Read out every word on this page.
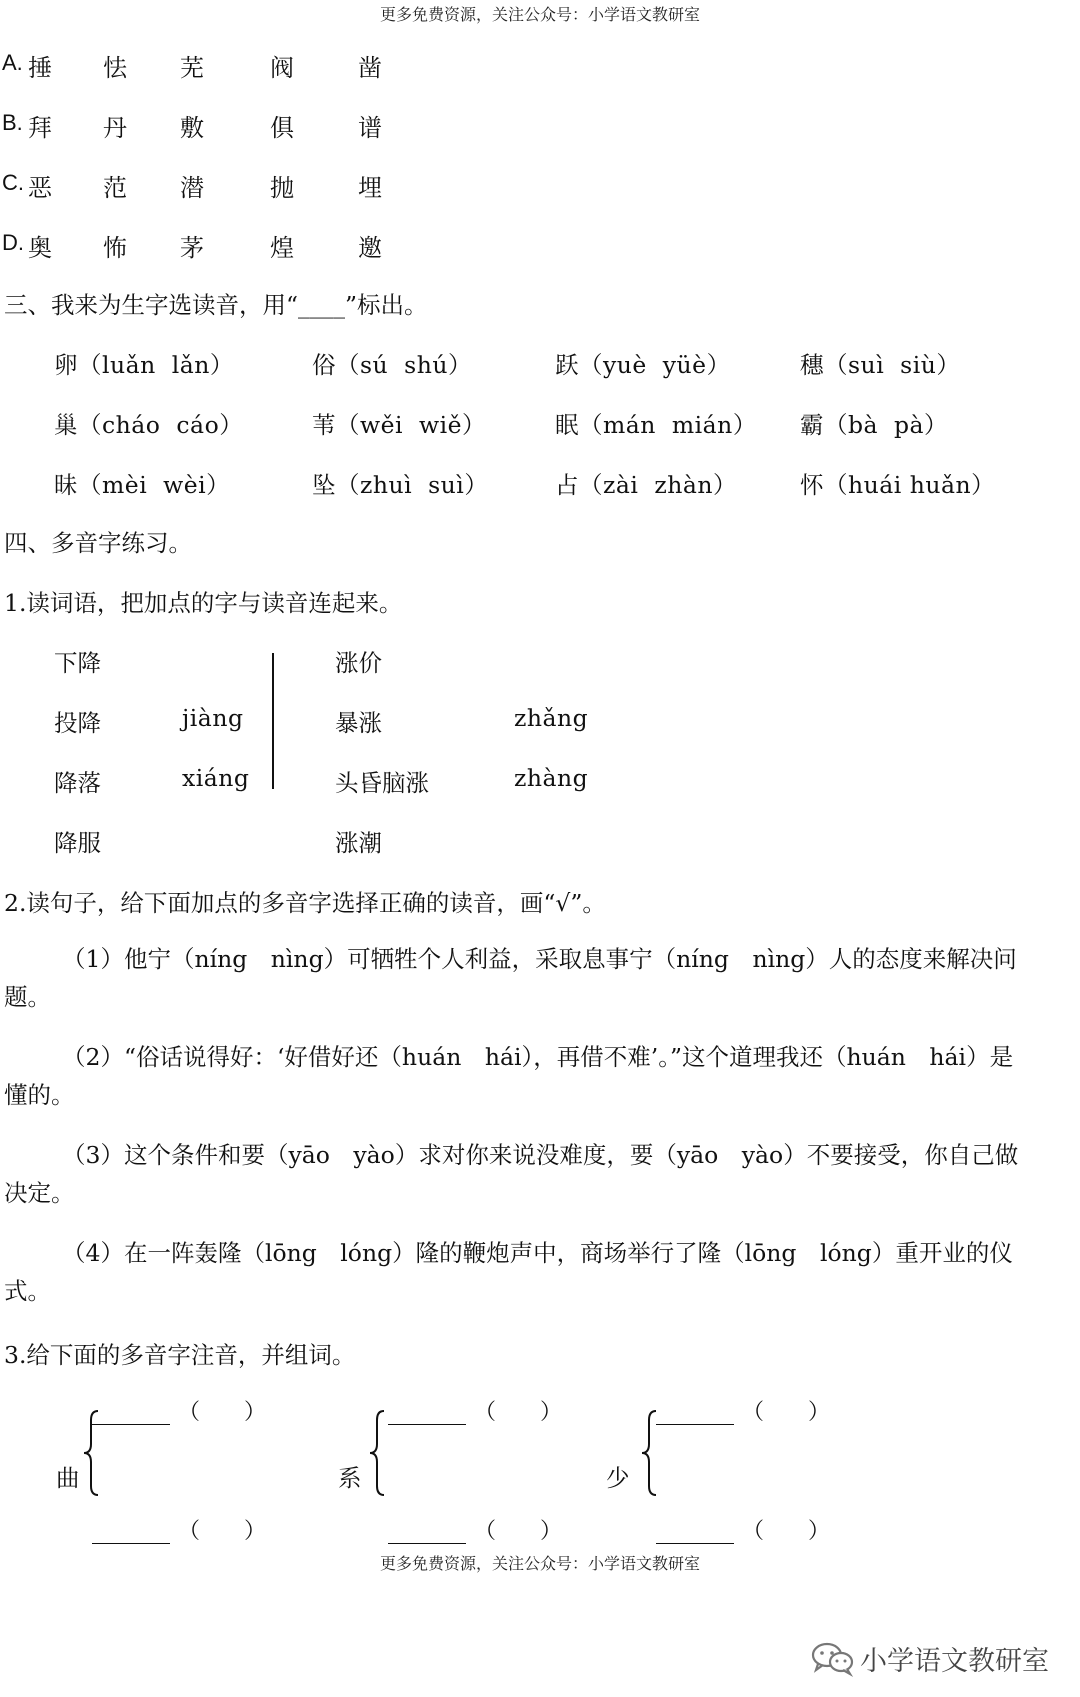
更多免费资源，关注公众号：小学语文教研室
A. 捶 怯 芜	阀	凿
B. 拜 丹 敷	俱	谱
C. 恶 范 潜	抛	埋
D. 奥 怖 茅	煌	邀
三、我来为生字选读音，用“____”标出。
卵（luǎn  lǎn）	俗（sú  shú）	跃（yuè  yüè）	穗（suì  siù）
巢（cháo  cáo）	苇（wěi  wiě）	眠（mán  mián） 霸（bà  pà）
昧（mèi  wèi）	坠（zhuì  suì）	占（zài  zhàn）	怀（huái huǎn）
四、多音字练习。
1.读词语，把加点的字与读音连起来。
下降
投降
降落
降服
jiàng
xiáng
涨价
暴涨
头昏脑涨
涨潮
zhǎng
zhàng
2.读句子，给下面加点的多音字选择正确的读音，画“√”。
（1）他宁（níng　nìng）可牺牲个人利益，采取息事宁（níng　nìng）人的态度来解决问题。
（2）“俗话说得好：‘好借好还（huán　hái），再借不难’。”这个道理我还（huán　hái）是懂的。
（3）这个条件和要（yāo　yào）求对你来说没难度，要（yāo　yào）不要接受，你自己做决定。
（4）在一阵轰隆（lōng　lóng）隆的鞭炮声中，商场举行了隆（lōng　lóng）重开业的仪式。
3.给下面的多音字注音，并组词。
曲
（　　）
（　　）
系
（　　）
（　　）
少
（　　）
（　　）
更多免费资源，关注公众号：小学语文教研室
小学语文教研室
